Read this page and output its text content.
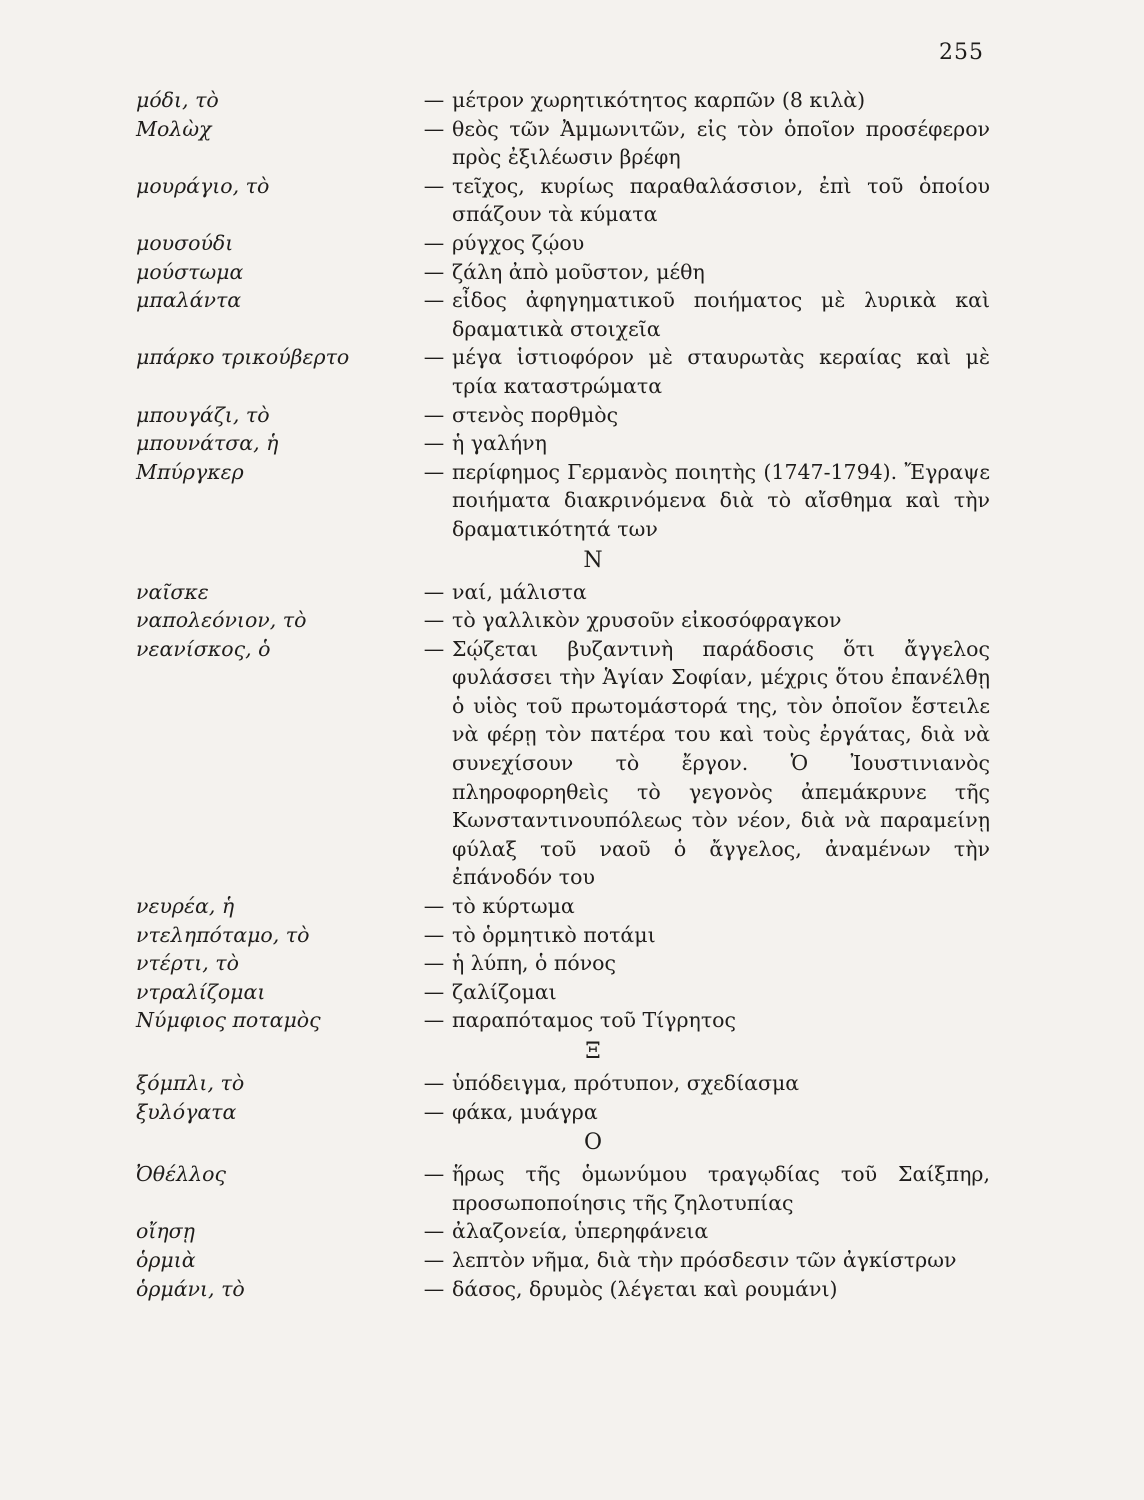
255
μόδι, τὸ	— μέτρον χωρητικότητος καρπῶν (8 κιλὰ)
Μολὼχ	— θεὸς τῶν Ἀμμωνιτῶν, εἰς τὸν ὁποῖον προσέφερον πρὸς ἐξιλέωσιν βρέφη
μουράγιο, τὸ	— τεῖχος, κυρίως παραθαλάσσιον, ἐπὶ τοῦ ὁποίου σπάζουν τὰ κύματα
μουσούδι	— ρύγχος ζῴου
μούστωμα	— ζάλη ἀπὸ μοῦστον, μέθη
μπαλάντα	— εἶδος ἀφηγηματικοῦ ποιήματος μὲ λυρικὰ καὶ δραματικὰ στοιχεῖα
μπάρκο τρικούβερτο	— μέγα ἱστιοφόρον μὲ σταυρωτὰς κεραίας καὶ μὲ τρία καταστρώματα
μπουγάζι, τὸ	— στενὸς πορθμὸς
μπουνάτσα, ἡ	— ἡ γαλήνη
Μπύργκερ	— περίφημος Γερμανὸς ποιητὴς (1747-1794). Ἔγραψε ποιήματα διακρινόμενα διὰ τὸ αἴσθημα καὶ τὴν δραματικότητά των
Ν
ναῖσκε	— ναί, μάλιστα
ναπολεόνιον, τὸ	— τὸ γαλλικὸν χρυσοῦν εἰκοσόφραγκον
νεανίσκος, ὁ	— Σῴζεται βυζαντινὴ παράδοσις ὅτι ἄγγελος φυλάσσει τὴν Ἁγίαν Σοφίαν, μέχρις ὅτου ἐπανέλθῃ ὁ υἱὸς τοῦ πρωτομάστορά της, τὸν ὁποῖον ἔστειλε νὰ φέρῃ τὸν πατέρα του καὶ τοὺς ἐργάτας, διὰ νὰ συνεχίσουν τὸ ἔργον. Ὁ Ἰουστινιανὸς πληροφορηθεὶς τὸ γεγονὸς ἀπεμάκρυνε τῆς Κωνσταντινουπόλεως τὸν νέον, διὰ νὰ παραμείνῃ φύλαξ τοῦ ναοῦ ὁ ἄγγελος, ἀναμένων τὴν ἐπάνοδόν του
νευρέα, ἡ	— τὸ κύρτωμα
ντεληπόταμο, τὸ	— τὸ ὁρμητικὸ ποτάμι
ντέρτι, τὸ	— ἡ λύπη, ὁ πόνος
ντραλίζομαι	— ζαλίζομαι
Νύμφιος ποταμὸς	— παραπόταμος τοῦ Τίγρητος
Ξ
ξόμπλι, τὸ	— ὑπόδειγμα, πρότυπον, σχεδίασμα
ξυλόγατα	— φάκα, μυάγρα
Ο
Ὀθέλλος	— ἥρως τῆς ὁμωνύμου τραγῳδίας τοῦ Σαίξπηρ, προσωποποίησις τῆς ζηλοτυπίας
οἴησῃ	— ἀλαζονεία, ὑπερηφάνεια
ὁρμιὰ	— λεπτὸν νῆμα, διὰ τὴν πρόσδεσιν τῶν ἀγκίστρων
ὁρμάνι, τὸ	— δάσος, δρυμὸς (λέγεται καὶ ρουμάνι)
